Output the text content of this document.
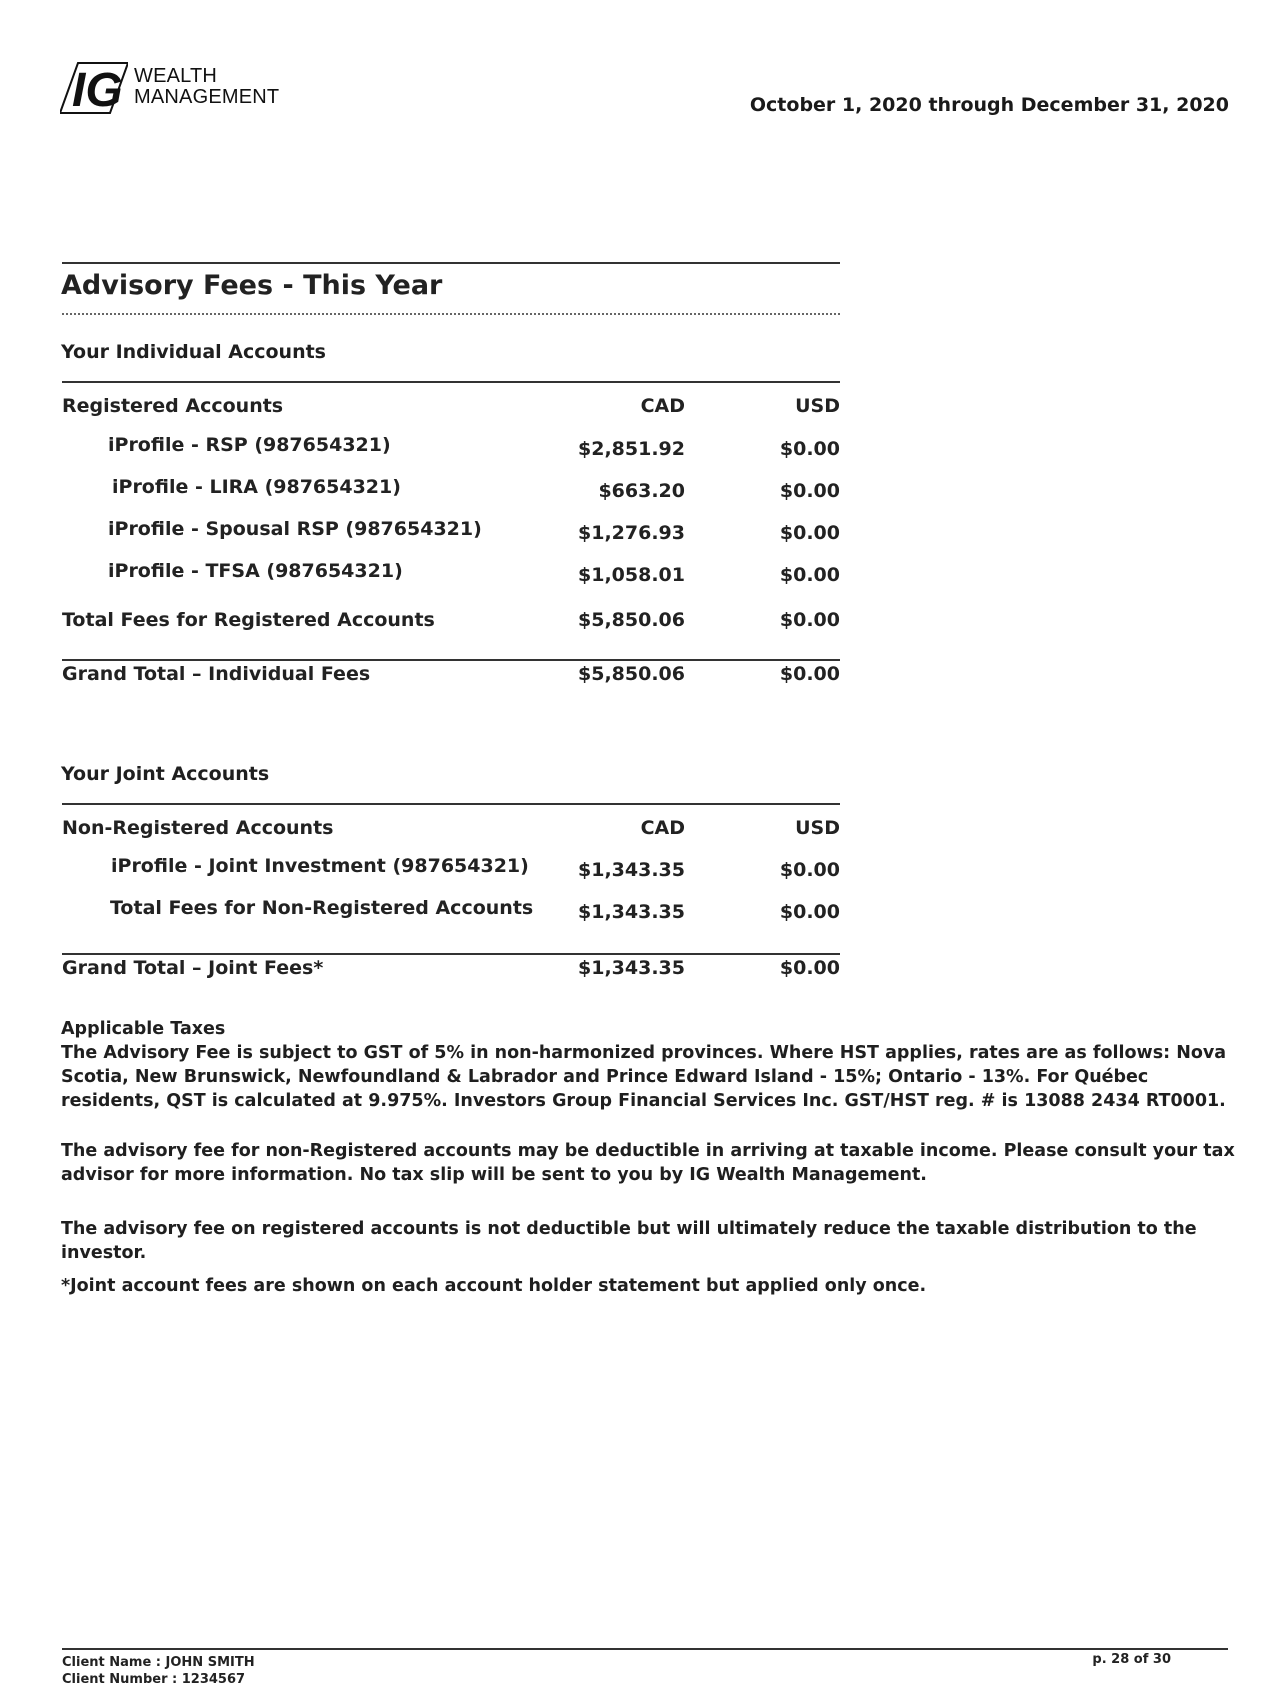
IG WEALTH
MANAGEMENT	October 1, 2020 through December 31, 2020
Advisory Fees - This Year
Your Individual Accounts
Registered Accounts	CAD	USD
iProfile - RSP (987654321)	$2,851.92	$0.00
iProfile - LIRA (987654321)	$663.20	$0.00
iProfile - Spousal RSP (987654321)	$1,276.93	$0.00
iProfile - TFSA (987654321)	$1,058.01	$0.00
Total Fees for Registered Accounts	$5,850.06	$0.00
Grand Total – Individual Fees	$5,850.06	$0.00
Your Joint Accounts
Non-Registered Accounts	CAD	USD
iProfile - Joint Investment (987654321)	$1,343.35	$0.00
Total Fees for Non-Registered Accounts $1,343.35	$0.00
Grand Total – Joint Fees*	$1,343.35	$0.00
Applicable Taxes
The Advisory Fee is subject to GST of 5% in non-harmonized provinces. Where HST applies, rates are as follows: Nova Scotia, New Brunswick, Newfoundland & Labrador and Prince Edward Island - 15%; Ontario - 13%. For Québec residents, QST is calculated at 9.975%. Investors Group Financial Services Inc. GST/HST reg. # is 13088 2434 RT0001.
The advisory fee for non-Registered accounts may be deductible in arriving at taxable income. Please consult your tax advisor for more information. No tax slip will be sent to you by IG Wealth Management.
The advisory fee on registered accounts is not deductible but will ultimately reduce the taxable distribution to the investor.
*Joint account fees are shown on each account holder statement but applied only once.
Client Name : JOHN SMITH
Client Number : 1234567
p. 28 of 30
